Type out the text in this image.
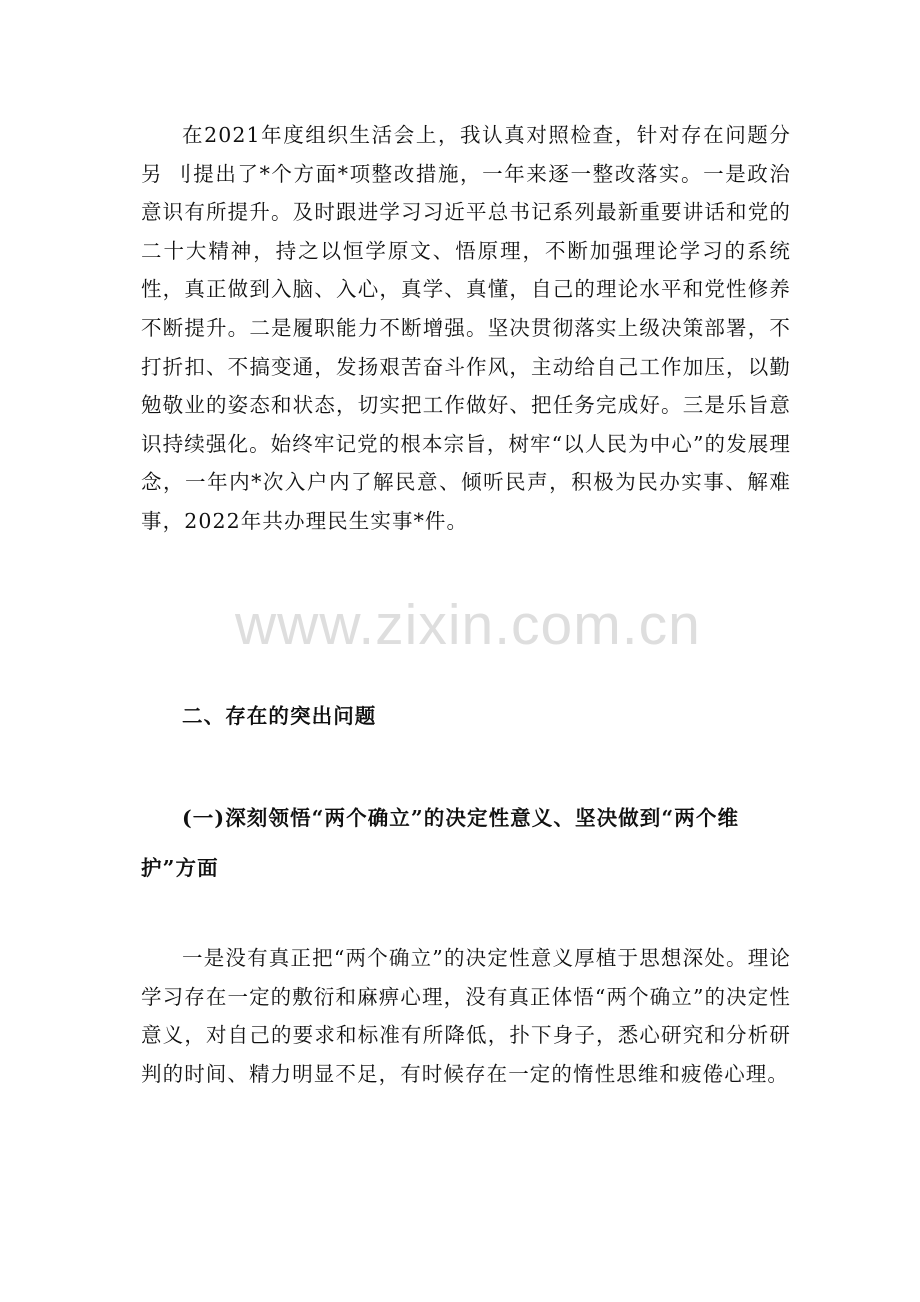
在2021年度组织生活会上，我认真对照检查，针对存在问题分另 刂提出了*个方面*项整改措施，一年来逐一整改落实。一是政治意识有所提升。及时跟进学习习近平总书记系列最新重要讲话和党的二十大精神，持之以恒学原文、悟原理，不断加强理论学习的系统性，真正做到入脑、入心，真学、真懂，自己的理论水平和党性修养不断提升。二是履职能力不断增强。坚决贯彻落实上级决策部署，不打折扣、不搞变通，发扬艰苦奋斗作风，主动给自己工作加压，以勤勉敬业的姿态和状态，切实把工作做好、把任务完成好。三是乐旨意识持续强化。始终牢记党的根本宗旨，树牢“以人民为中心”的发展理念，一年内*次入户内了解民意、倾听民声，积极为民办实事、解难事，2022年共办理民生实事*件。

www.zixin.com.cn

二、存在的突出问题

(一)深刻领悟“两个确立”的决定性意义、坚决做到“两个维护”方面

一是没有真正把“两个确立”的决定性意义厚植于思想深处。理论学习存在一定的敷衍和麻痹心理，没有真正体悟“两个确立”的决定性意义，对自己的要求和标准有所降低，扑下身子，悉心研究和分析研判的时间、精力明显不足，有时候存在一定的惰性思维和疲倦心理。
